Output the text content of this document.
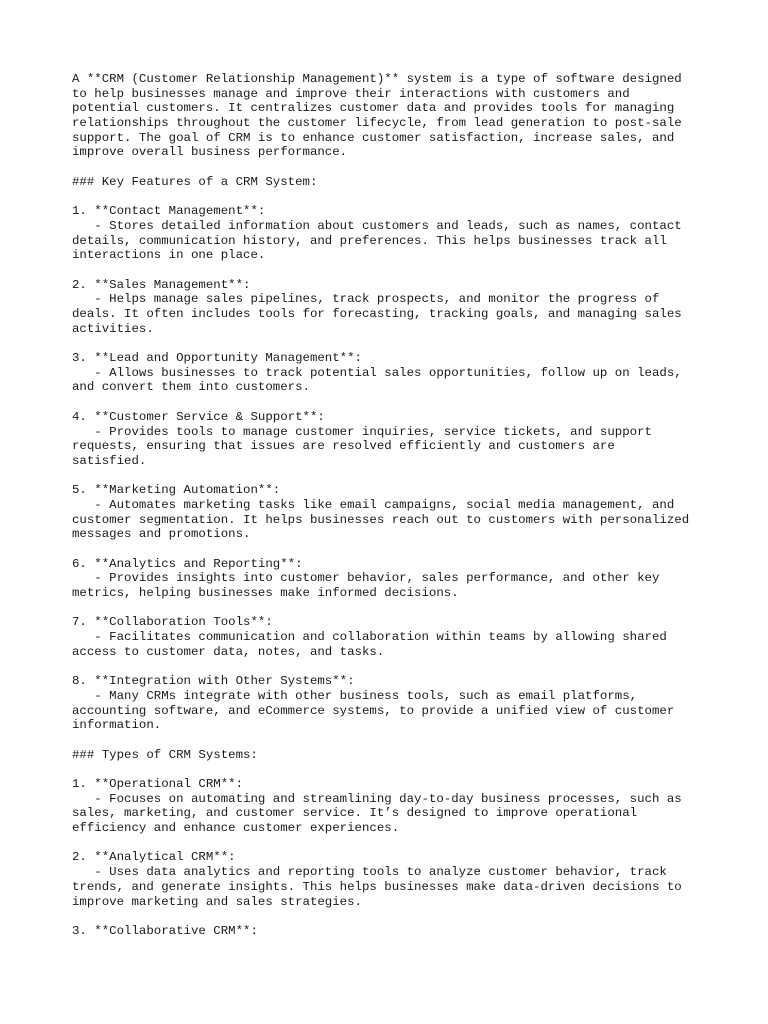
A **CRM (Customer Relationship Management)** system is a type of software designed
to help businesses manage and improve their interactions with customers and
potential customers. It centralizes customer data and provides tools for managing
relationships throughout the customer lifecycle, from lead generation to post-sale
support. The goal of CRM is to enhance customer satisfaction, increase sales, and
improve overall business performance.
### Key Features of a CRM System:
1. **Contact Management**:
- Stores detailed information about customers and leads, such as names, contact
details, communication history, and preferences. This helps businesses track all
interactions in one place.
2. **Sales Management**:
- Helps manage sales pipelines, track prospects, and monitor the progress of
deals. It often includes tools for forecasting, tracking goals, and managing sales
activities.
3. **Lead and Opportunity Management**:
- Allows businesses to track potential sales opportunities, follow up on leads,
and convert them into customers.
4. **Customer Service & Support**:
- Provides tools to manage customer inquiries, service tickets, and support
requests, ensuring that issues are resolved efficiently and customers are
satisfied.
5. **Marketing Automation**:
- Automates marketing tasks like email campaigns, social media management, and
customer segmentation. It helps businesses reach out to customers with personalized
messages and promotions.
6. **Analytics and Reporting**:
- Provides insights into customer behavior, sales performance, and other key
metrics, helping businesses make informed decisions.
7. **Collaboration Tools**:
- Facilitates communication and collaboration within teams by allowing shared
access to customer data, notes, and tasks.
8. **Integration with Other Systems**:
- Many CRMs integrate with other business tools, such as email platforms,
accounting software, and eCommerce systems, to provide a unified view of customer
information.
### Types of CRM Systems:
1. **Operational CRM**:
- Focuses on automating and streamlining day-to-day business processes, such as
sales, marketing, and customer service. It’s designed to improve operational
efficiency and enhance customer experiences.
2. **Analytical CRM**:
- Uses data analytics and reporting tools to analyze customer behavior, track
trends, and generate insights. This helps businesses make data-driven decisions to
improve marketing and sales strategies.
3. **Collaborative CRM**:
